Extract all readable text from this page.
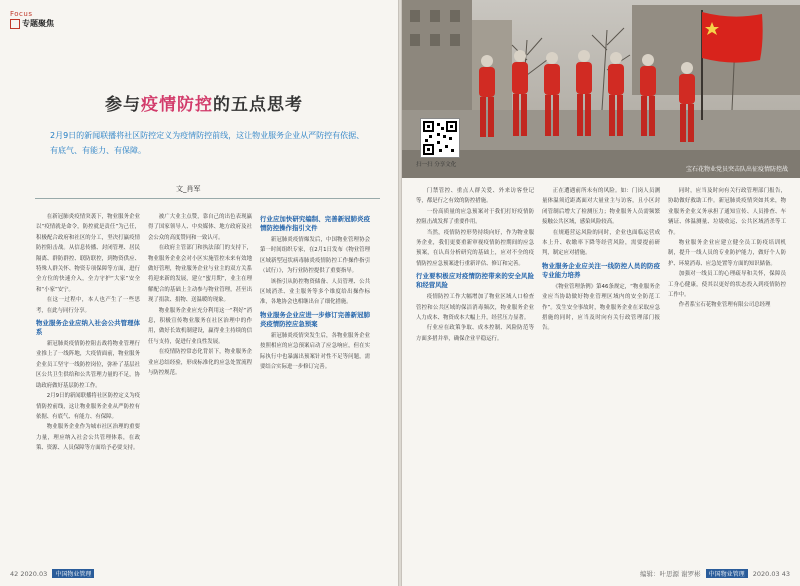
Focus
专题聚焦
参与疫情防控的五点思考
2月9日的新闻联播将社区防控定义为疫情防控前线，这让物业服务企业从严防控有依据、有底气、有能力、有保障。
文_肖军

在新冠肺炎疫情突袭下，物业服务企业以“疫情就是命令，防控就是责任”为己任，积极配合政府和社区的分工，坚决打赢疫情防控阻击战。从信息传播、封闭管理、居民隔离、群防群控、联防联控，到物资供应、特殊人群关怀、物资专项保障等方面，进行全方位的快速介入，全力守护“大家”安全和“小家”安宁。

在这一过程中，本人也产生了一些思考，在此与同行分享。

物业服务企业应纳入社会公共管理体系

新冠肺炎疫情防控阻击战将物业管理行业推上了一线阵地，大疫情面前，物业服务企业员工坚守一线防控岗位，弥补了基层社区公共卫生供给和公共管理力量的不足，协助政府做好基层防控工作。

2月9日的新闻联播将社区防控定义为疫情防控前线，这让物业服务企业从严防控有依据、有底气、有能力、有保障。

物业服务企业作为城市社区治理的重要力量，理应纳入社会公共管理体系，在政策、资源、人员保障等方面给予必要支持。

被广大业主点赞，靠自己的出色表现赢得了国家领导人、中央媒体、地方政府及社会公众的高度赞同和一致认可。

在政府主管部门和执法部门的支持下，物业服务企业会对小区实施管控未来有效地做好管理，物业服务企业与业主的双方关系将迎来新的发展，建立“蜜月期”，业主在理解配合的基础上主动参与物业管理，甚至出现了捐款、捐物、送温暖的现象。

物业服务企业应充分利用这一“利好”消息，积极宣传物业服务在社区治理中的作用，做好长效机制建设，赢得业主持续的信任与支持，促进行业良性发展。

在疫情防控常态化背景下，物业服务企业应总结经验，形成标准化的应急处置流程与防控规范。

行业应加快研究编制、完善新冠肺炎疫情防控操作指引文件

新冠肺炎疫情爆发后，中国物业管理协会第一时间组织专家，在2月1日发布《物业管理区域新型冠状病毒肺炎疫情防控工作操作指引（试行）》，为行业防控提供了重要指导。

该指引从防控物资储备、人员管理、公共区域消杀、业主服务等多个维度给出操作标准，各地协会也相继出台了细化措施。

物业服务企业应进一步修订完善新冠肺炎疫情防控应急预案

新冠肺炎疫情突发生后，各物业服务企业按照相应的应急预案启动了应急响应，但在实际执行中也暴露出预案针对性不足等问题，需要结合实际进一步修订完善。

42 2020.03 中国物业管理
扫一扫 分享文化
宝石花物业党员突击队出征疫情防控战

门禁管控、重点人群关爱、外来访客登记等，都是行之有效的防控措施。

一份高质量的应急预案对于我们打好疫情防控阻击战发挥了重要作用。

当然，疫情防控形势持续向好，作为物业服务企业，我们更要重新审视疫情防控期间的应急预案，在认真分析研究的基础上，应对不全的疫情防控应急预案进行重新评估、修订和完善。

行业要积极应对疫情防控带来的安全风险和经营风险

疫情防控工作大幅增加了物业区域人口检查管控和公共区域的保洁消毒频次，物业服务企业人力成本、物资成本大幅上升，经营压力显著。

行业应在政策争取、成本控制、风险防范等方面多措并举，确保企业平稳运行。

正在遭遇前所未有的风险。如：门岗人员测量体温须近距离面对大量业主与访客，且小区封闭管制后增大了检测压力；物业服务人员需频繁接触公共区域，感染风险较高。

在规避营运风险的同时，企业也面临运营成本上升、收缴率下降等经营风险，需要提前研判，制定应对措施。

物业服务企业应关注一线防控人员的防疫专业能力培养

《物业管理条例》第46条规定，“物业服务企业应当协助做好物业管理区域内的安全防范工作”。发生安全事故时，物业服务企业在采取应急措施的同时，应当及时向有关行政管理部门报告。

同时，应当及时向有关行政管理部门报告，协助做好救助工作。新冠肺炎疫情突如其来，物业服务企业义务承担了通知宣传、人员排查、车辆证、体温测量、垃圾收运、公共区域消杀等工作。

物业服务企业应建立健全员工防疫培训机制，提升一线人员的专业防护能力，做好个人防护、环境消毒、应急处置等方面的知识储备。

加强对一线员工的心理疏导和关怀，保障员工身心健康，使其以更好的状态投入到疫情防控工作中。

作者系宝石花物业管理有限公司总经理

编辑：叶思源 谢罗彬 中国物业管理 2020.03 43
